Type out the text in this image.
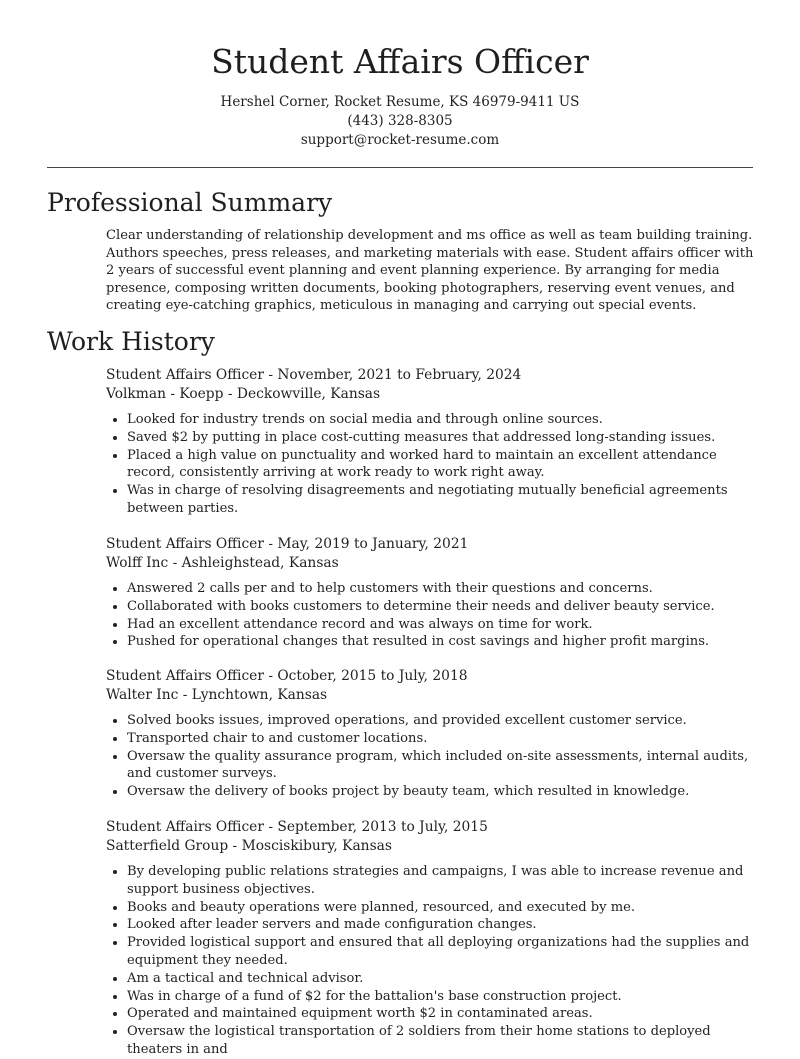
Student Affairs Officer
Hershel Corner, Rocket Resume, KS 46979-9411 US
(443) 328-8305
support@rocket-resume.com
Professional Summary

Clear understanding of relationship development and ms office as well as team building training. Authors speeches, press releases, and marketing materials with ease. Student affairs officer with 2 years of successful event planning and event planning experience. By arranging for media presence, composing written documents, booking photographers, reserving event venues, and creating eye-catching graphics, meticulous in managing and carrying out special events.

Work History
Student Affairs Officer - November, 2021 to February, 2024
Volkman - Koepp - Deckowville, Kansas
• Looked for industry trends on social media and through online sources.
• Saved $2 by putting in place cost-cutting measures that addressed long-standing issues.
• Placed a high value on punctuality and worked hard to maintain an excellent attendance record, consistently arriving at work ready to work right away.
• Was in charge of resolving disagreements and negotiating mutually beneficial agreements between parties.
Student Affairs Officer - May, 2019 to January, 2021
Wolff Inc - Ashleighstead, Kansas
• Answered 2 calls per and to help customers with their questions and concerns.
• Collaborated with books customers to determine their needs and deliver beauty service.
• Had an excellent attendance record and was always on time for work.
• Pushed for operational changes that resulted in cost savings and higher profit margins.
Student Affairs Officer - October, 2015 to July, 2018
Walter Inc - Lynchtown, Kansas
• Solved books issues, improved operations, and provided excellent customer service.
• Transported chair to and customer locations.
• Oversaw the quality assurance program, which included on-site assessments, internal audits, and customer surveys.
• Oversaw the delivery of books project by beauty team, which resulted in knowledge.
Student Affairs Officer - September, 2013 to July, 2015
Satterfield Group - Mosciskibury, Kansas
• By developing public relations strategies and campaigns, I was able to increase revenue and support business objectives.
• Books and beauty operations were planned, resourced, and executed by me.
• Looked after leader servers and made configuration changes.
• Provided logistical support and ensured that all deploying organizations had the supplies and equipment they needed.
• Am a tactical and technical advisor.
• Was in charge of a fund of $2 for the battalion's base construction project.
• Operated and maintained equipment worth $2 in contaminated areas.
• Oversaw the logistical transportation of 2 soldiers from their home stations to deployed theaters in and
